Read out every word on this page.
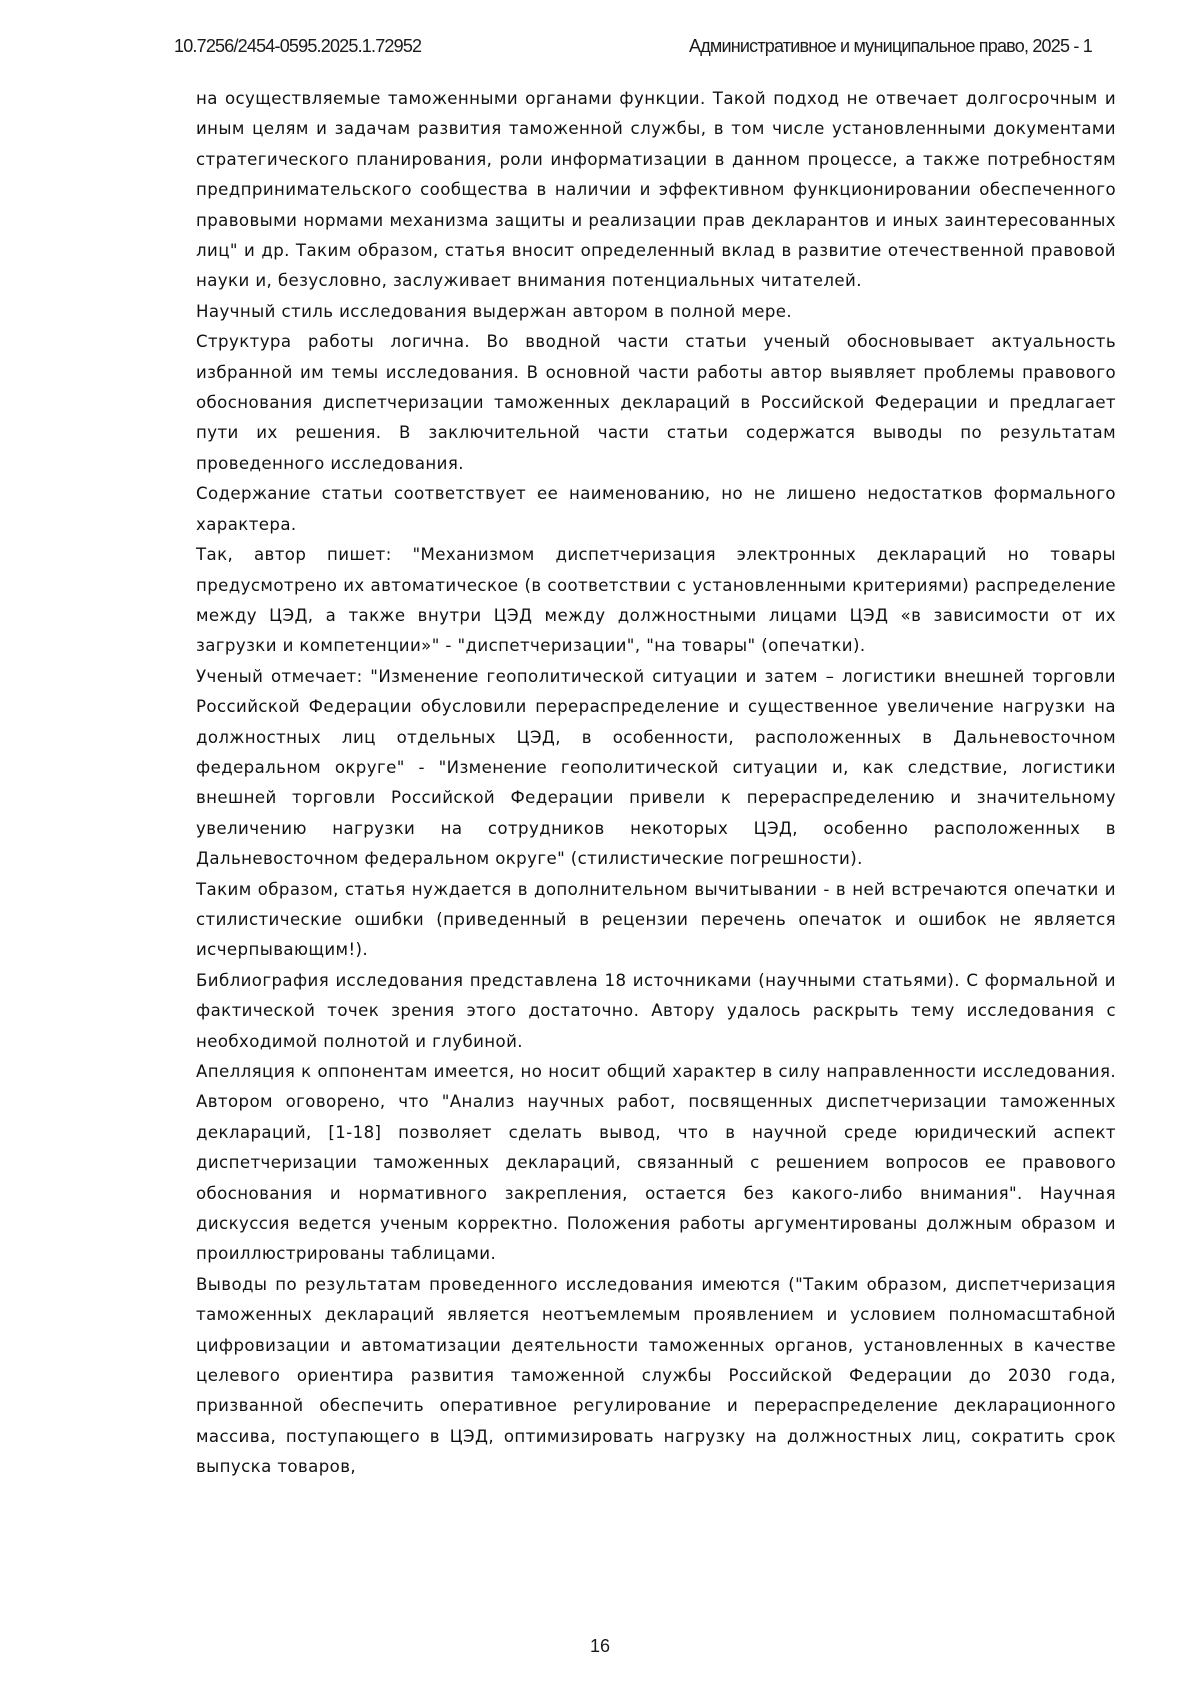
10.7256/2454-0595.2025.1.72952	Административное и муниципальное право, 2025 - 1

на осуществляемые таможенными органами функции. Такой подход не отвечает долгосрочным и иным целям и задачам развития таможенной службы, в том числе установленными документами стратегического планирования, роли информатизации в данном процессе, а также потребностям предпринимательского сообщества в наличии и эффективном функционировании обеспеченного правовыми нормами механизма защиты и реализации прав декларантов и иных заинтересованных лиц" и др. Таким образом, статья вносит определенный вклад в развитие отечественной правовой науки и, безусловно, заслуживает внимания потенциальных читателей.

Научный стиль исследования выдержан автором в полной мере.

Структура работы логична. Во вводной части статьи ученый обосновывает актуальность избранной им темы исследования. В основной части работы автор выявляет проблемы правового обоснования диспетчеризации таможенных деклараций в Российской Федерации и предлагает пути их решения. В заключительной части статьи содержатся выводы по результатам проведенного исследования.

Содержание статьи соответствует ее наименованию, но не лишено недостатков формального характера.

Так, автор пишет: "Механизмом диспетчеризация электронных деклараций но товары предусмотрено их автоматическое (в соответствии с установленными критериями) распределение между ЦЭД, а также внутри ЦЭД между должностными лицами ЦЭД «в зависимости от их загрузки и компетенции»" - "диспетчеризации", "на товары" (опечатки).

Ученый отмечает: "Изменение геополитической ситуации и затем – логистики внешней торговли Российской Федерации обусловили перераспределение и существенное увеличение нагрузки на должностных лиц отдельных ЦЭД, в особенности, расположенных в Дальневосточном федеральном округе" - "Изменение геополитической ситуации и, как следствие, логистики внешней торговли Российской Федерации привели к перераспределению и значительному увеличению нагрузки на сотрудников некоторых ЦЭД, особенно расположенных в Дальневосточном федеральном округе" (стилистические погрешности).

Таким образом, статья нуждается в дополнительном вычитывании - в ней встречаются опечатки и стилистические ошибки (приведенный в рецензии перечень опечаток и ошибок не является исчерпывающим!).

Библиография исследования представлена 18 источниками (научными статьями). С формальной и фактической точек зрения этого достаточно. Автору удалось раскрыть тему исследования с необходимой полнотой и глубиной.

Апелляция к оппонентам имеется, но носит общий характер в силу направленности исследования. Автором оговорено, что "Анализ научных работ, посвященных диспетчеризации таможенных деклараций, [1-18] позволяет сделать вывод, что в научной среде юридический аспект диспетчеризации таможенных деклараций, связанный с решением вопросов ее правового обоснования и нормативного закрепления, остается без какого-либо внимания". Научная дискуссия ведется ученым корректно. Положения работы аргументированы должным образом и проиллюстрированы таблицами.

Выводы по результатам проведенного исследования имеются ("Таким образом, диспетчеризация таможенных деклараций является неотъемлемым проявлением и условием полномасштабной цифровизации и автоматизации деятельности таможенных органов, установленных в качестве целевого ориентира развития таможенной службы Российской Федерации до 2030 года, призванной обеспечить оперативное регулирование и перераспределение декларационного массива, поступающего в ЦЭД, оптимизировать нагрузку на должностных лиц, сократить срок выпуска товаров,

16
